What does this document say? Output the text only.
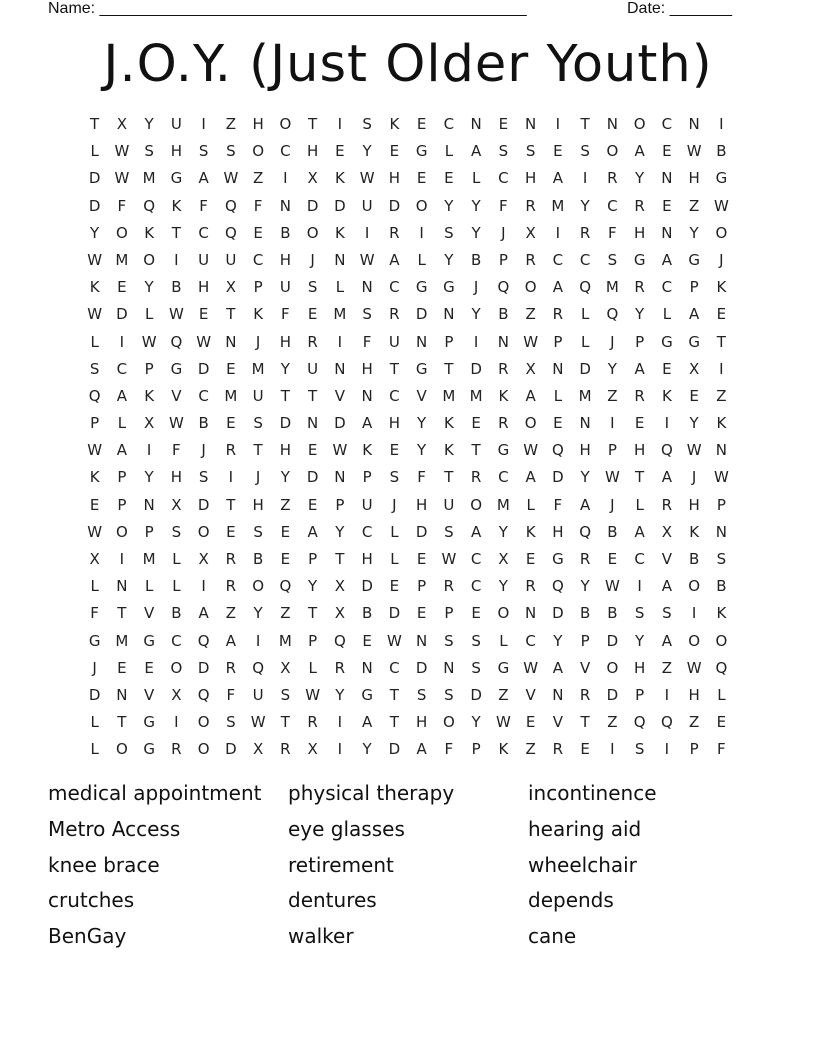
Name: ________________________________________________	Date: _______
J.O.Y. (Just Older Youth)
T	X	Y	U	I	Z	H	O	T	I	S	K	E	C	N	E	N	I	T	N	O	C	N	I
L	W	S	H	S	S	O	C	H	E	Y	E	G	L	A	S	S	E	S	O	A	E	W B
D W M G	A W Z	I	X	K W H	E	E	L	C	H	A	I	R	Y	N	H	G
D	F	Q	K	F	Q	F	N	D	D	U	D	O	Y	Y	F	R	M	Y	C	R	E	Z W
Y	O	K	T	C	Q	E	B	O	K	I	R	I	S	Y	J	X	I	R	F	H	N	Y	O
W M O	I	U	U	C	H	J	N W A	L	Y	B	P	R	C	C	S	G	A	G	J
K	E	Y	B	H	X	P	U	S	L	N	C	G	G	J	Q	O	A	Q M	R	C	P	K
W D	L	W	E	T	K	F	E	M	S	R	D	N	Y	B	Z	R	L	Q	Y	L	A	E
L	I	W Q W N	J	H	R	I	F	U	N	P	I	N W	P	L	J	P	G	G	T
S	C	P	G	D	E	M	Y	U	N	H	T	G	T	D	R	X	N	D	Y	A	E	X	I
Q	A	K	V	C	M	U	T	T	V	N	C	V	M M	K	A	L	M	Z	R	K	E	Z
P	L	X W B	E	S	D	N	D	A	H	Y	K	E	R	O	E	N	I	E	I	Y	K
W A	I	F	J	R	T	H	E	W K	E	Y	K	T	G W Q	H	P	H	Q W N
K	P	Y	H	S	I	J	Y	D	N	P	S	F	T	R	C	A	D	Y	W	T	A	J	W
E	P	N	X	D	T	H	Z	E	P	U	J	H	U	O M	L	F	A	J	L	R	H	P
W O	P	S	O	E	S	E	A	Y	C	L	D	S	A	Y	K	H	Q	B	A	X	K	N
X	I	M	L	X	R	B	E	P	T	H	L	E	W C	X	E	G	R	E	C	V	B	S
L	N	L	L	I	R	O	Q	Y	X	D	E	P	R	C	Y	R	Q	Y	W	I	A	O	B
F	T	V	B	A	Z	Y	Z	T	X	B	D	E	P	E	O	N	D	B	B	S	S	I	K
G M G	C	Q	A	I	M	P	Q	E	W N	S	S	L	C	Y	P	D	Y	A	O	O
J	E	E	O	D	R	Q	X	L	R	N	C	D	N	S	G W A	V	O	H	Z W Q
D	N	V	X	Q	F	U	S	W	Y	G	T	S	S	D	Z	V	N	R	D	P	I	H	L
L	T	G	I	O	S	W	T	R	I	A	T	H	O	Y	W	E	V	T	Z	Q	Q	Z	E
L	O	G	R	O	D	X	R	X	I	Y	D	A	F	P	K	Z	R	E	I	S	I	P	F
medical appointment	physical therapy	incontinence
Metro Access	eye glasses	hearing aid
knee brace	retirement	wheelchair
crutches	dentures	depends
BenGay	walker	cane
